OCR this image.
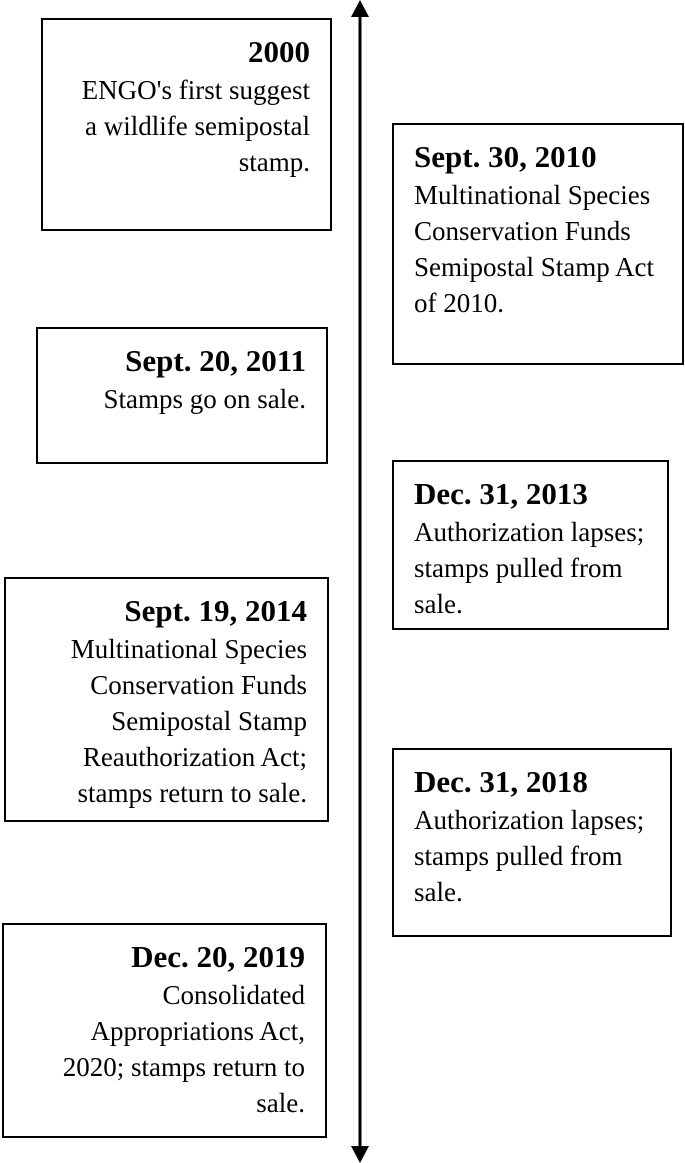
2000
ENGO's first suggest a wildlife semipostal stamp.	Sept. 30, 2010
Multinational Species Conservation Funds Semipostal Stamp Act of 2010.
Sept. 20, 2011
Stamps go on sale.
Dec. 31, 2013
Authorization lapses; stamps pulled from sale.
Sept. 19, 2014
Multinational Species Conservation Funds Semipostal Stamp Reauthorization Act; stamps return to sale.	Dec. 31, 2018
Authorization lapses; stamps pulled from sale.
Dec. 20, 2019
Consolidated Appropriations Act, 2020; stamps return to sale.
